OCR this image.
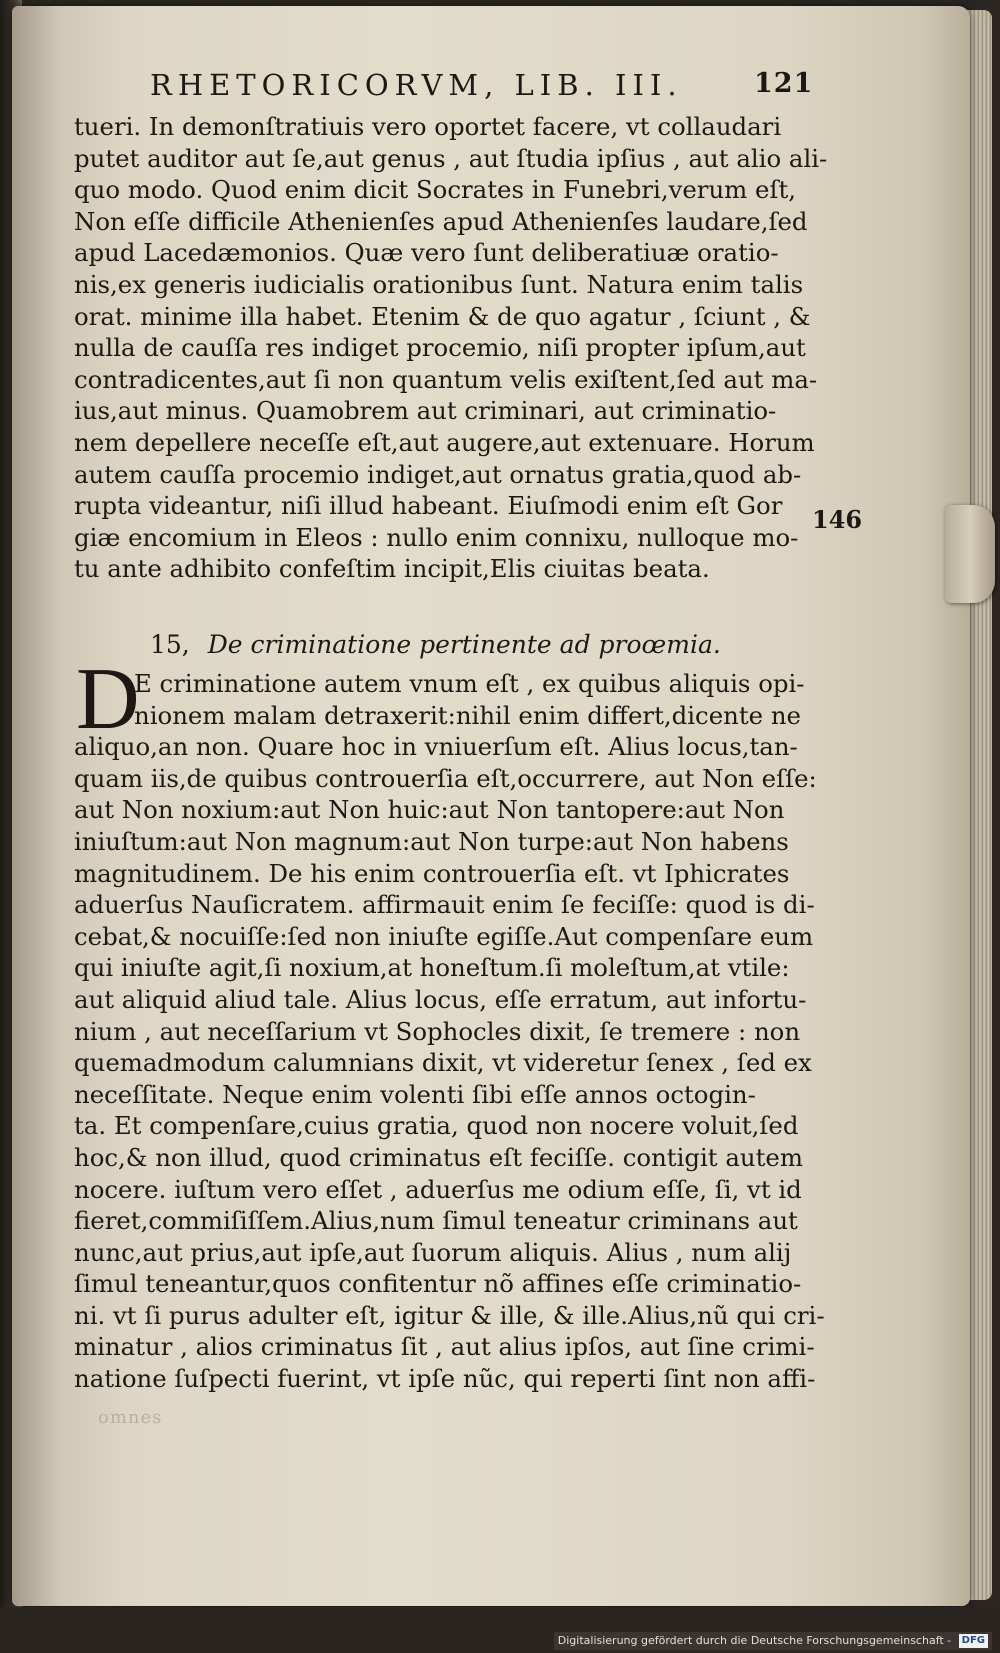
RHETORICORVM, LIB. III.	121
tueri. In demonſtratiuis vero oportet facere, vt collaudari
putet auditor aut ſe,aut genus , aut ſtudia ipſius , aut alio ali-
quo modo. Quod enim dicit Socrates in Funebri,verum eſt,
Non eſſe difficile Athenienſes apud Athenienſes laudare,ſed
apud Lacedæmonios. Quæ vero ſunt deliberatiuæ oratio-
nis,ex generis iudicialis orationibus ſunt. Natura enim talis
orat. minime illa habet. Etenim & de quo agatur , ſciunt , &
nulla de cauſſa res indiget procemio, niſi propter ipſum,aut
contradicentes,aut ſi non quantum velis exiſtent,ſed aut ma-
ius,aut minus. Quamobrem aut criminari, aut criminatio-
nem depellere neceſſe eſt,aut augere,aut extenuare. Horum
autem cauſſa procemio indiget,aut ornatus gratia,quod ab-
rupta videantur, niſi illud habeant. Eiuſmodi enim eſt Gor
giæ encomium in Eleos : nullo enim connixu, nulloque mo-
tu ante adhibito confeſtim incipit,Elis ciuitas beata.
146
15, De criminatione pertinente ad proœmia.
D
E criminatione autem vnum eſt , ex quibus aliquis opi-
nionem malam detraxerit:nihil enim differt,dicente ne
aliquo,an non. Quare hoc in vniuerſum eſt. Alius locus,tan-
quam iis,de quibus controuerſia eſt,occurrere, aut Non eſſe:
aut Non noxium:aut Non huic:aut Non tantopere:aut Non
iniuſtum:aut Non magnum:aut Non turpe:aut Non habens
magnitudinem. De his enim controuerſia eſt. vt Iphicrates
aduerſus Nauſicratem. affirmauit enim ſe feciſſe: quod is di-
cebat,& nocuiſſe:ſed non iniuſte egiſſe.Aut compenſare eum
qui iniuſte agit,ſi noxium,at honeſtum.ſi moleſtum,at vtile:
aut aliquid aliud tale. Alius locus, eſſe erratum, aut infortu-
nium , aut neceſſarium vt Sophocles dixit, ſe tremere : non
quemadmodum calumnians dixit, vt videretur ſenex , ſed ex
neceſſitate. Neque enim volenti ſibi eſſe annos octogin-
ta. Et compenſare,cuius gratia, quod non nocere voluit,ſed
hoc,& non illud, quod criminatus eſt feciſſe. contigit autem
nocere. iuſtum vero eſſet , aduerſus me odium eſſe, ſi, vt id
fieret,commiſiſſem.Alius,num ſimul teneatur criminans aut
nunc,aut prius,aut ipſe,aut ſuorum aliquis. Alius , num alij
ſimul teneantur,quos confitentur nõ affines eſſe criminatio-
ni. vt ſi purus adulter eſt, igitur & ille, & ille.Alius,nũ qui cri-
minatur , alios criminatus ſit , aut alius ipſos, aut ſine crimi-
natione ſuſpecti fuerint, vt ipſe nũc, qui reperti ſint non affi-
omnes
Digitalisierung gefördert durch die Deutsche Forschungsgemeinschaft - DFG
